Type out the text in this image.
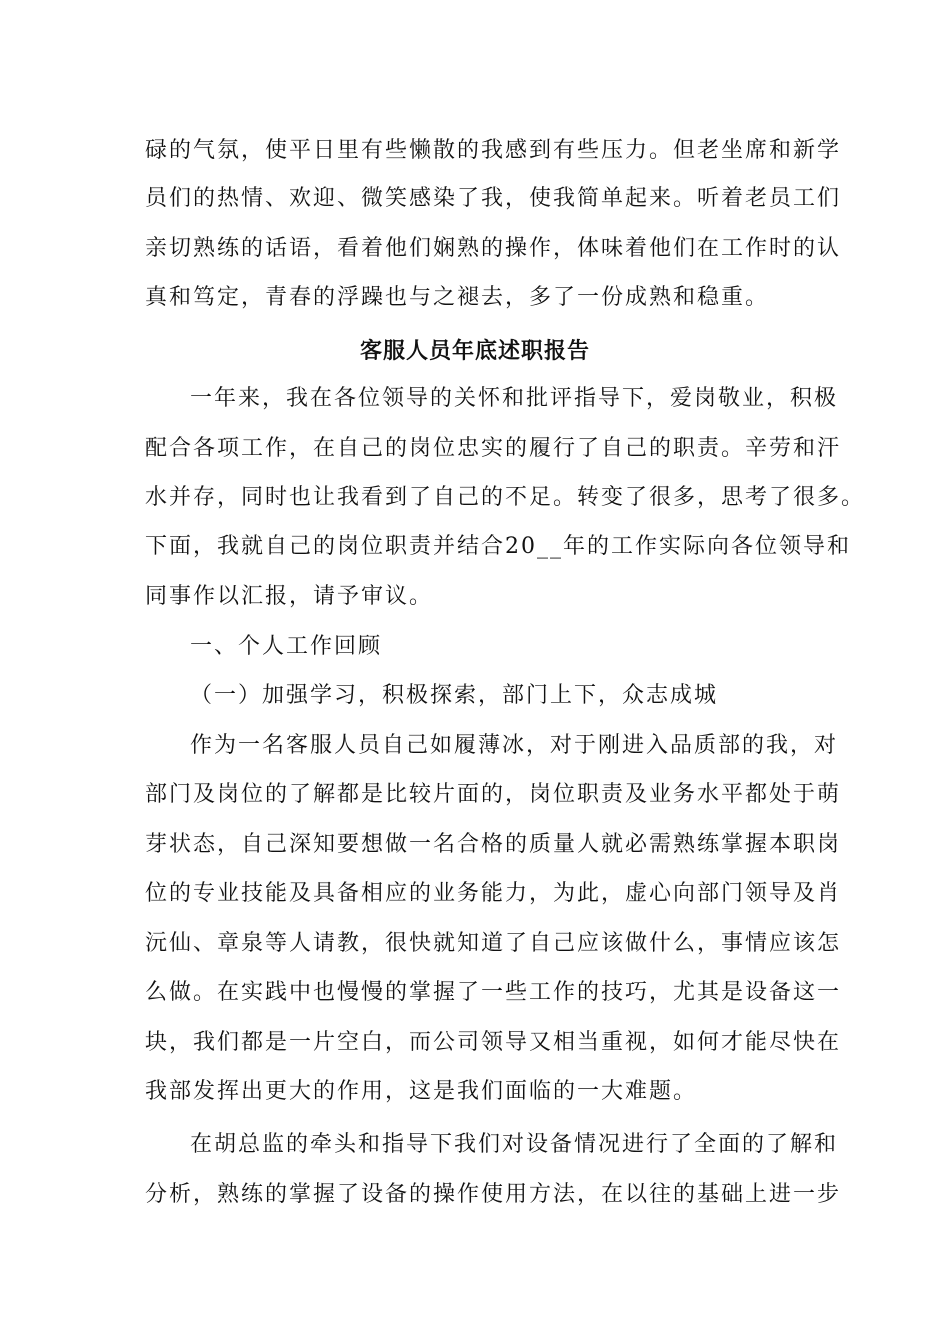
碌的气氛，使平日里有些懒散的我感到有些压力。但老坐席和新学
员们的热情、欢迎、微笑感染了我，使我简单起来。听着老员工们
亲切熟练的话语，看着他们娴熟的操作，体味着他们在工作时的认
真和笃定，青春的浮躁也与之褪去，多了一份成熟和稳重。
客服人员年底述职报告
一年来，我在各位领导的关怀和批评指导下，爱岗敬业，积极
配合各项工作，在自己的岗位忠实的履行了自己的职责。辛劳和汗
水并存，同时也让我看到了自己的不足。转变了很多，思考了很多。
下面，我就自己的岗位职责并结合20__年的工作实际向各位领导和
同事作以汇报，请予审议。
一、个人工作回顾
（一）加强学习，积极探索，部门上下，众志成城
作为一名客服人员自己如履薄冰，对于刚进入品质部的我，对
部门及岗位的了解都是比较片面的，岗位职责及业务水平都处于萌
芽状态，自己深知要想做一名合格的质量人就必需熟练掌握本职岗
位的专业技能及具备相应的业务能力，为此，虚心向部门领导及肖
沅仙、章泉等人请教，很快就知道了自己应该做什么，事情应该怎
么做。在实践中也慢慢的掌握了一些工作的技巧，尤其是设备这一
块，我们都是一片空白，而公司领导又相当重视，如何才能尽快在
我部发挥出更大的作用，这是我们面临的一大难题。
在胡总监的牵头和指导下我们对设备情况进行了全面的了解和
分析，熟练的掌握了设备的操作使用方法，在以往的基础上进一步
